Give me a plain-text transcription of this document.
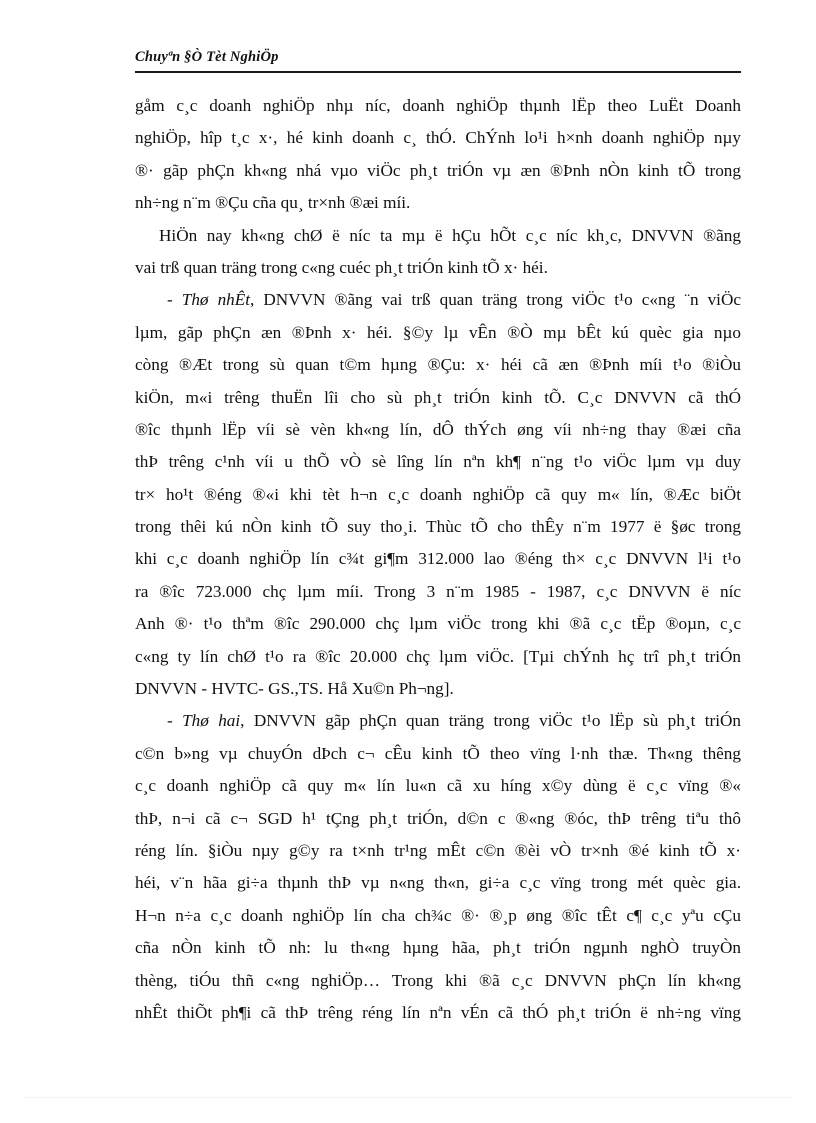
Chuyªn §Ò Tèt NghiÖp
gåm c¸c doanh nghiÖp nhµ níc, doanh nghiÖp thµnh lËp theo LuËt Doanh
nghiÖp, hîp t¸c x·, hé kinh doanh c¸ thÓ. ChÝnh lo¹i h×nh doanh nghiÖp nµy
®· gãp phÇn kh«ng nhá vµo viÖc ph¸t triÓn vµ æn ®Þnh nÒn kinh tÕ trong
nh÷ng n¨m ®Çu cña qu¸ tr×nh ®æi míi.
HiÖn nay kh«ng chØ ë níc ta mµ ë hÇu hÕt c¸c níc kh¸c, DNVVN ®ãng
vai trß quan träng trong c«ng cuéc ph¸t triÓn kinh tÕ x· héi.
- Thø nhÊt, DNVVN ®ãng vai trß quan träng trong viÖc t¹o c«ng ¨n viÖc
lµm, gãp phÇn æn ®Þnh x· héi. §©y lµ vÊn ®Ò mµ bÊt kú quèc gia nµo
còng ®Æt trong sù quan t©m hµng ®Çu: x· héi cã æn ®Þnh míi t¹o ®iÒu
kiÖn, m«i trêng thuËn lîi cho sù ph¸t triÓn kinh tÕ. C¸c DNVVN cã thÓ
®îc thµnh lËp víi sè vèn kh«ng lín, dÔ thÝch øng víi nh÷ng thay ®æi cña
thÞ trêng c¹nh víi u thÕ vÒ sè lîng lín nªn kh¶ n¨ng t¹o viÖc lµm vµ duy
tr× ho¹t ®éng ®«i khi tèt h¬n c¸c doanh nghiÖp cã quy m« lín, ®Æc biÖt
trong thêi kú nÒn kinh tÕ suy tho¸i. Thùc tÕ cho thÊy n¨m 1977 ë §øc trong
khi c¸c doanh nghiÖp lín c¾t gi¶m 312.000 lao ®éng th× c¸c DNVVN l¹i t¹o
ra ®îc 723.000 chç lµm míi. Trong 3 n¨m 1985 - 1987, c¸c DNVVN ë níc
Anh ®· t¹o thªm ®îc 290.000 chç lµm viÖc trong khi ®ã c¸c tËp ®oµn, c¸c
c«ng ty lín chØ t¹o ra ®îc 20.000 chç lµm viÖc. [Tµi chÝnh hç trî ph¸t triÓn
DNVVN - HVTC- GS.,TS. Hå Xu©n Ph¬ng].
- Thø hai, DNVVN gãp phÇn quan träng trong viÖc t¹o lËp sù ph¸t triÓn
c©n b»ng vµ chuyÓn dÞch c¬ cÊu kinh tÕ theo vïng l·nh thæ. Th«ng thêng
c¸c doanh nghiÖp cã quy m« lín lu«n cã xu híng x©y dùng ë c¸c vïng ®«
thÞ, n¬i cã c¬ SGD h¹ tÇng ph¸t triÓn, d©n c ®«ng ®óc, thÞ trêng tiªu thô
réng lín. §iÒu nµy g©y ra t×nh tr¹ng mÊt c©n ®èi vÒ tr×nh ®é kinh tÕ x·
héi, v¨n hãa gi÷a thµnh thÞ vµ n«ng th«n, gi÷a c¸c vïng trong mét quèc gia.
H¬n n÷a c¸c doanh nghiÖp lín cha ch¾c ®· ®¸p øng ®îc tÊt c¶ c¸c yªu cÇu
cña nÒn kinh tÕ nh: lu th«ng hµng hãa, ph¸t triÓn ngµnh nghÒ truyÒn
thèng, tiÓu thñ c«ng nghiÖp… Trong khi ®ã c¸c DNVVN phÇn lín kh«ng
nhÊt thiÕt ph¶i cã thÞ trêng réng lín nªn vÉn cã thÓ ph¸t triÓn ë nh÷ng vïng
